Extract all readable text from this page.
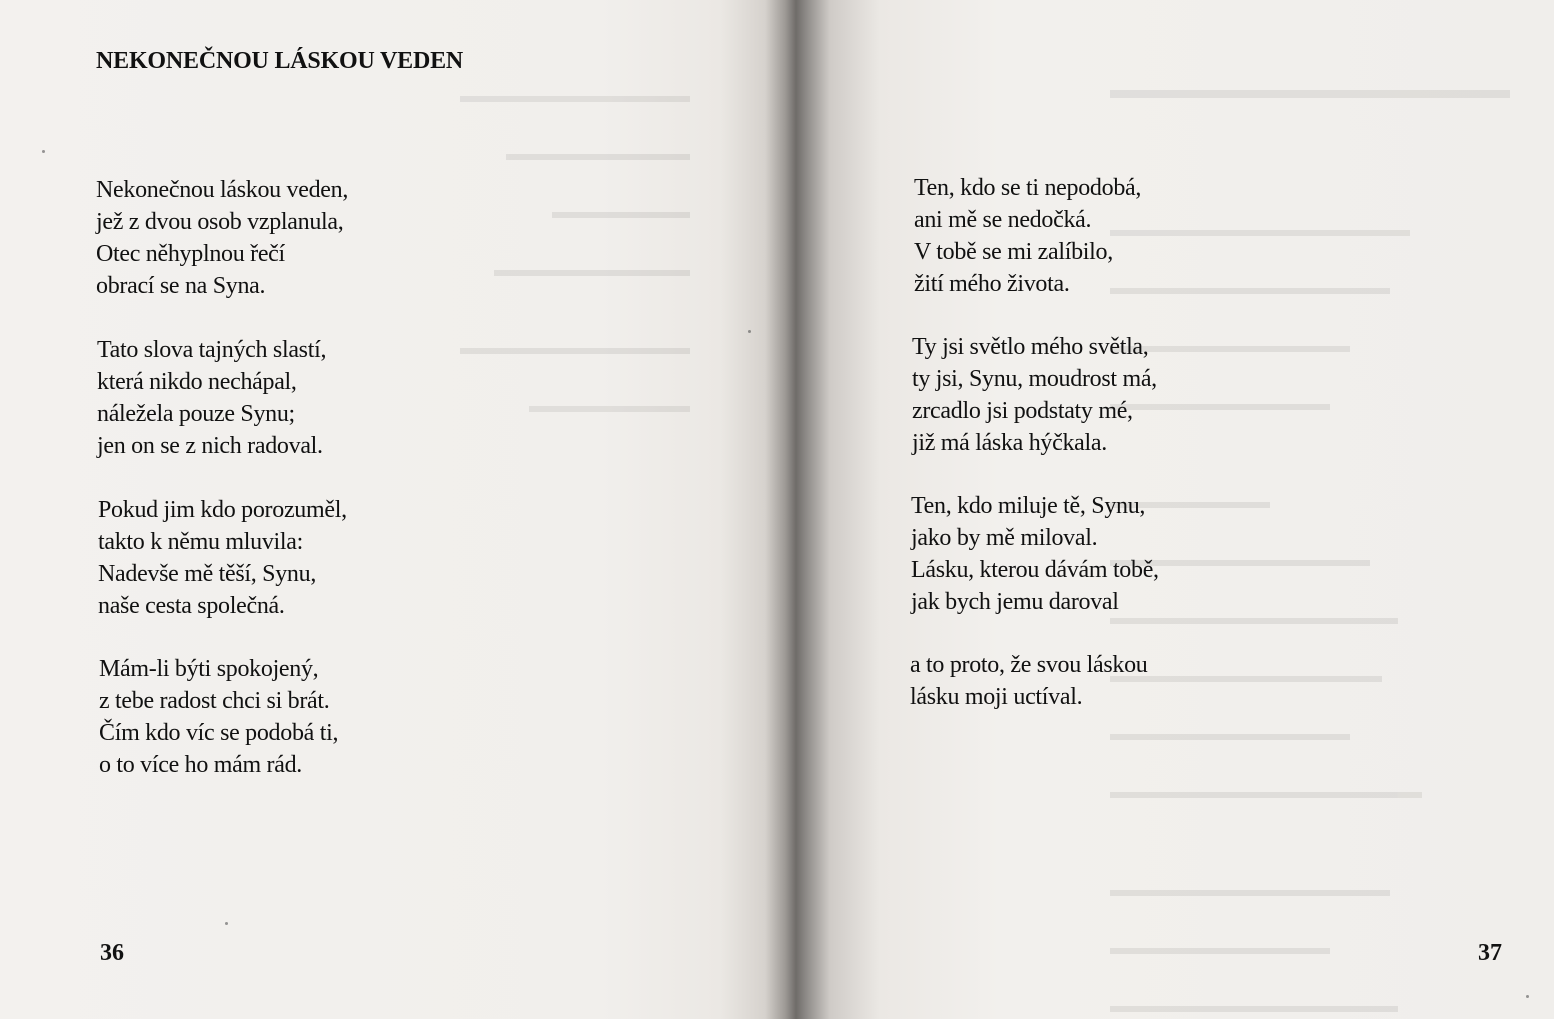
NEKONEČNOU LÁSKOU VEDEN
Nekonečnou láskou veden,
jež z dvou osob vzplanula,
Otec něhyplnou řečí
obrací se na Syna.
Tato slova tajných slastí,
která nikdo nechápal,
náležela pouze Synu;
jen on se z nich radoval.
Pokud jim kdo porozuměl,
takto k němu mluvila:
Nadevše mě těší, Synu,
naše cesta společná.
Mám-li býti spokojený,
z tebe radost chci si brát.
Čím kdo víc se podobá ti,
o to více ho mám rád.
36

Ten, kdo se ti nepodobá,
ani mě se nedočká.
V tobě se mi zalíbilo,
žití mého života.
Ty jsi světlo mého světla,
ty jsi, Synu, moudrost má,
zrcadlo jsi podstaty mé,
již má láska hýčkala.
Ten, kdo miluje tě, Synu,
jako by mě miloval.
Lásku, kterou dávám tobě,
jak bych jemu daroval
a to proto, že svou láskou
lásku moji uctíval.
37
